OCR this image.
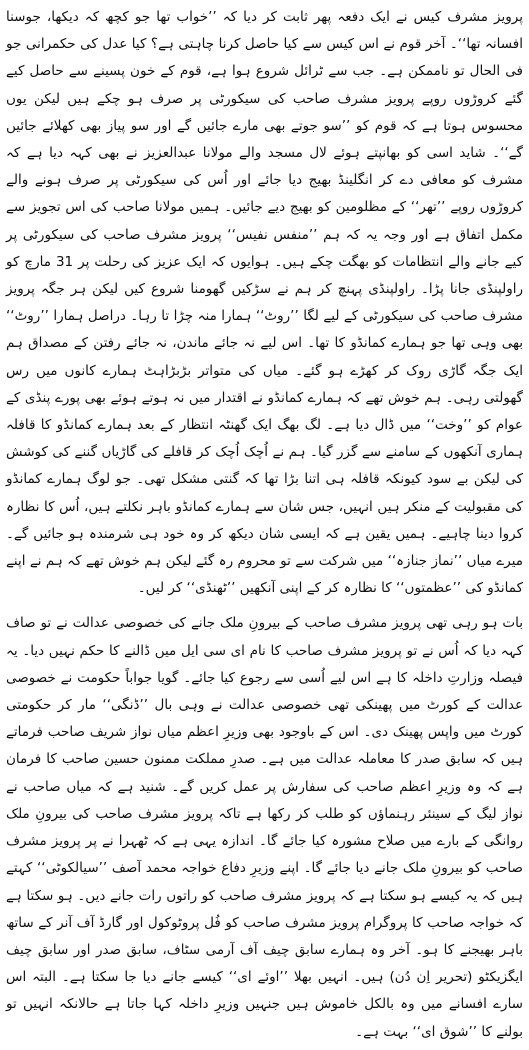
پرویز مشرف کیس نے ایک دفعہ پھر ثابت کر دیا کہ ’’خواب تھا جو کچھ کہ دیکھا، جوسنا افسانہ تھا‘‘۔ آخر قوم نے اس کیس سے کیا حاصل کرنا چاہتی ہے؟ کیا عدل کی حکمرانی جو فی الحال تو ناممکن ہے۔ جب سے ٹرائل شروع ہوا ہے، قوم کے خون پسینے سے حاصل کیے گئے کروڑوں روپے پرویز مشرف صاحب کی سیکورٹی پر صرف ہو چکے ہیں لیکن یوں محسوس ہوتا ہے کہ قوم کو ’’سو جوتے بھی مارے جائیں گے اور سو پیاز بھی کھلائے جائیں گے‘‘۔ شاید اسی کو بھانپتے ہوئے لال مسجد والے مولانا عبدالعزیز نے بھی کہہ دیا ہے کہ مشرف کو معافی دے کر انگلینڈ بھیج دیا جائے اور اُس کی سیکورٹی پر صرف ہونے والے کروڑوں روپے ’’تھر‘‘ کے مظلومین کو بھیج دیے جائیں۔ ہمیں مولانا صاحب کی اس تجویز سے مکمل اتفاق ہے اور وجہ یہ کہ ہم ’’منفس نفیس‘‘ پرویز مشرف صاحب کی سیکورٹی پر کیے جانے والے انتظامات کو بھگت چکے ہیں۔ ہوایوں کہ ایک عزیز کی رحلت پر 31 مارچ کو راولپنڈی جانا پڑا۔ راولپنڈی پہنچ کر ہم نے سڑکیں گھومنا شروع کیں لیکن ہر جگہ پرویز مشرف صاحب کی سیکورٹی کے لیے لگا ’’روٹ‘‘ ہمارا منہ چڑا تا رہا۔ دراصل ہمارا ’’روٹ‘‘ بھی وہی تھا جو ہمارے کمانڈو کا تھا۔ اس لیے نہ جائے ماندن، نہ جائے رفتن کے مصداق ہم ایک جگہ گاڑی روک کر کھڑے ہو گئے۔ میاں کی متواتر بڑبڑاہٹ ہمارے کانوں میں رس گھولتی رہی۔ ہم خوش تھے کہ ہمارے کمانڈو نے اقتدار میں نہ ہوتے ہوئے بھی پورے پنڈی کے عوام کو ’’وخت‘‘ میں ڈال دیا ہے۔ لگ بھگ ایک گھنٹہ انتظار کے بعد ہمارے کمانڈو کا قافلہ ہماری آنکھوں کے سامنے سے گزر گیا۔ ہم نے اُچک اُچک کر قافلے کی گاڑیاں گننے کی کوشش کی لیکن بے سود کیونکہ قافلہ ہی اتنا بڑا تھا کہ گنتی مشکل تھی۔ جو لوگ ہمارے کمانڈو کی مقبولیت کے منکر ہیں انہیں، جس شان سے ہمارے کمانڈو باہر نکلتے ہیں، اُس کا نظارہ کروا دینا چاہیے۔ ہمیں یقین ہے کہ ایسی شان دیکھ کر وہ خود ہی شرمندہ ہو جائیں گے۔ میرے میاں ’’نماز جنازہ‘‘ میں شرکت سے تو محروم رہ گئے لیکن ہم خوش تھے کہ ہم نے اپنے کمانڈو کی ’’عظمتوں‘‘ کا نظارہ کر کے اپنی آنکھیں ’’ٹھنڈی‘‘ کر لیں۔

بات ہو رہی تھی پرویز مشرف صاحب کے بیرونِ ملک جانے کی خصوصی عدالت نے تو صاف کہہ دیا کہ اُس نے تو پرویز مشرف صاحب کا نام ای سی ایل میں ڈالنے کا حکم نہیں دیا۔ یہ فیصلہ وزارتِ داخلہ کا ہے اس لیے اُسی سے رجوع کیا جائے۔ گویا جواباً حکومت نے خصوصی عدالت کے کورٹ میں پھینکی تھی خصوصی عدالت نے وہی بال ’’ڈنگی‘‘ مار کر حکومتی کورٹ میں واپس پھینک دی۔ اس کے باوجود بھی وزیرِ اعظم میاں نواز شریف صاحب فرماتے ہیں کہ سابق صدر کا معاملہ عدالت میں ہے۔ صدرِ مملکت ممنون حسین صاحب کا فرمان ہے کہ وہ وزیرِ اعظم صاحب کی سفارش پر عمل کریں گے۔ شنید ہے کہ میاں صاحب نے نواز لیگ کے سینئر رہنماؤں کو طلب کر رکھا ہے تاکہ پرویز مشرف صاحب کی بیرونِ ملک روانگی کے بارے میں صلاح مشورہ کیا جائے گا۔ اندازہ یہی ہے کہ ٹھہرا نے پر پرویز مشرف صاحب کو بیرونِ ملک جانے دیا جائے گا۔ اپنے وزیرِ دفاع خواجہ محمد آصف ’’سیالکوٹی‘‘ کہتے ہیں کہ یہ کیسے ہو سکتا ہے کہ پرویز مشرف صاحب کو راتوں رات جانے دیں۔ ہو سکتا ہے کہ خواجہ صاحب کا پروگرام پرویز مشرف صاحب کو فُل پروٹوکول اور گارڈ آف آنر کے ساتھ باہر بھیجنے کا ہو۔ آخر وہ ہمارے سابق چیف آف آرمی سٹاف، سابق صدر اور سابق چیف ایگزیکٹو (تحریر اِن دُن) ہیں۔ انہیں بھلا ’’اوئے ای‘‘ کیسے جانے دیا جا سکتا ہے۔ البتہ اس سارے افسانے میں وہ بالکل خاموش ہیں جنہیں وزیرِ داخلہ کہا جاتا ہے حالانکہ انہیں تو بولنے کا ’’شوق ای‘‘ بہت ہے۔
